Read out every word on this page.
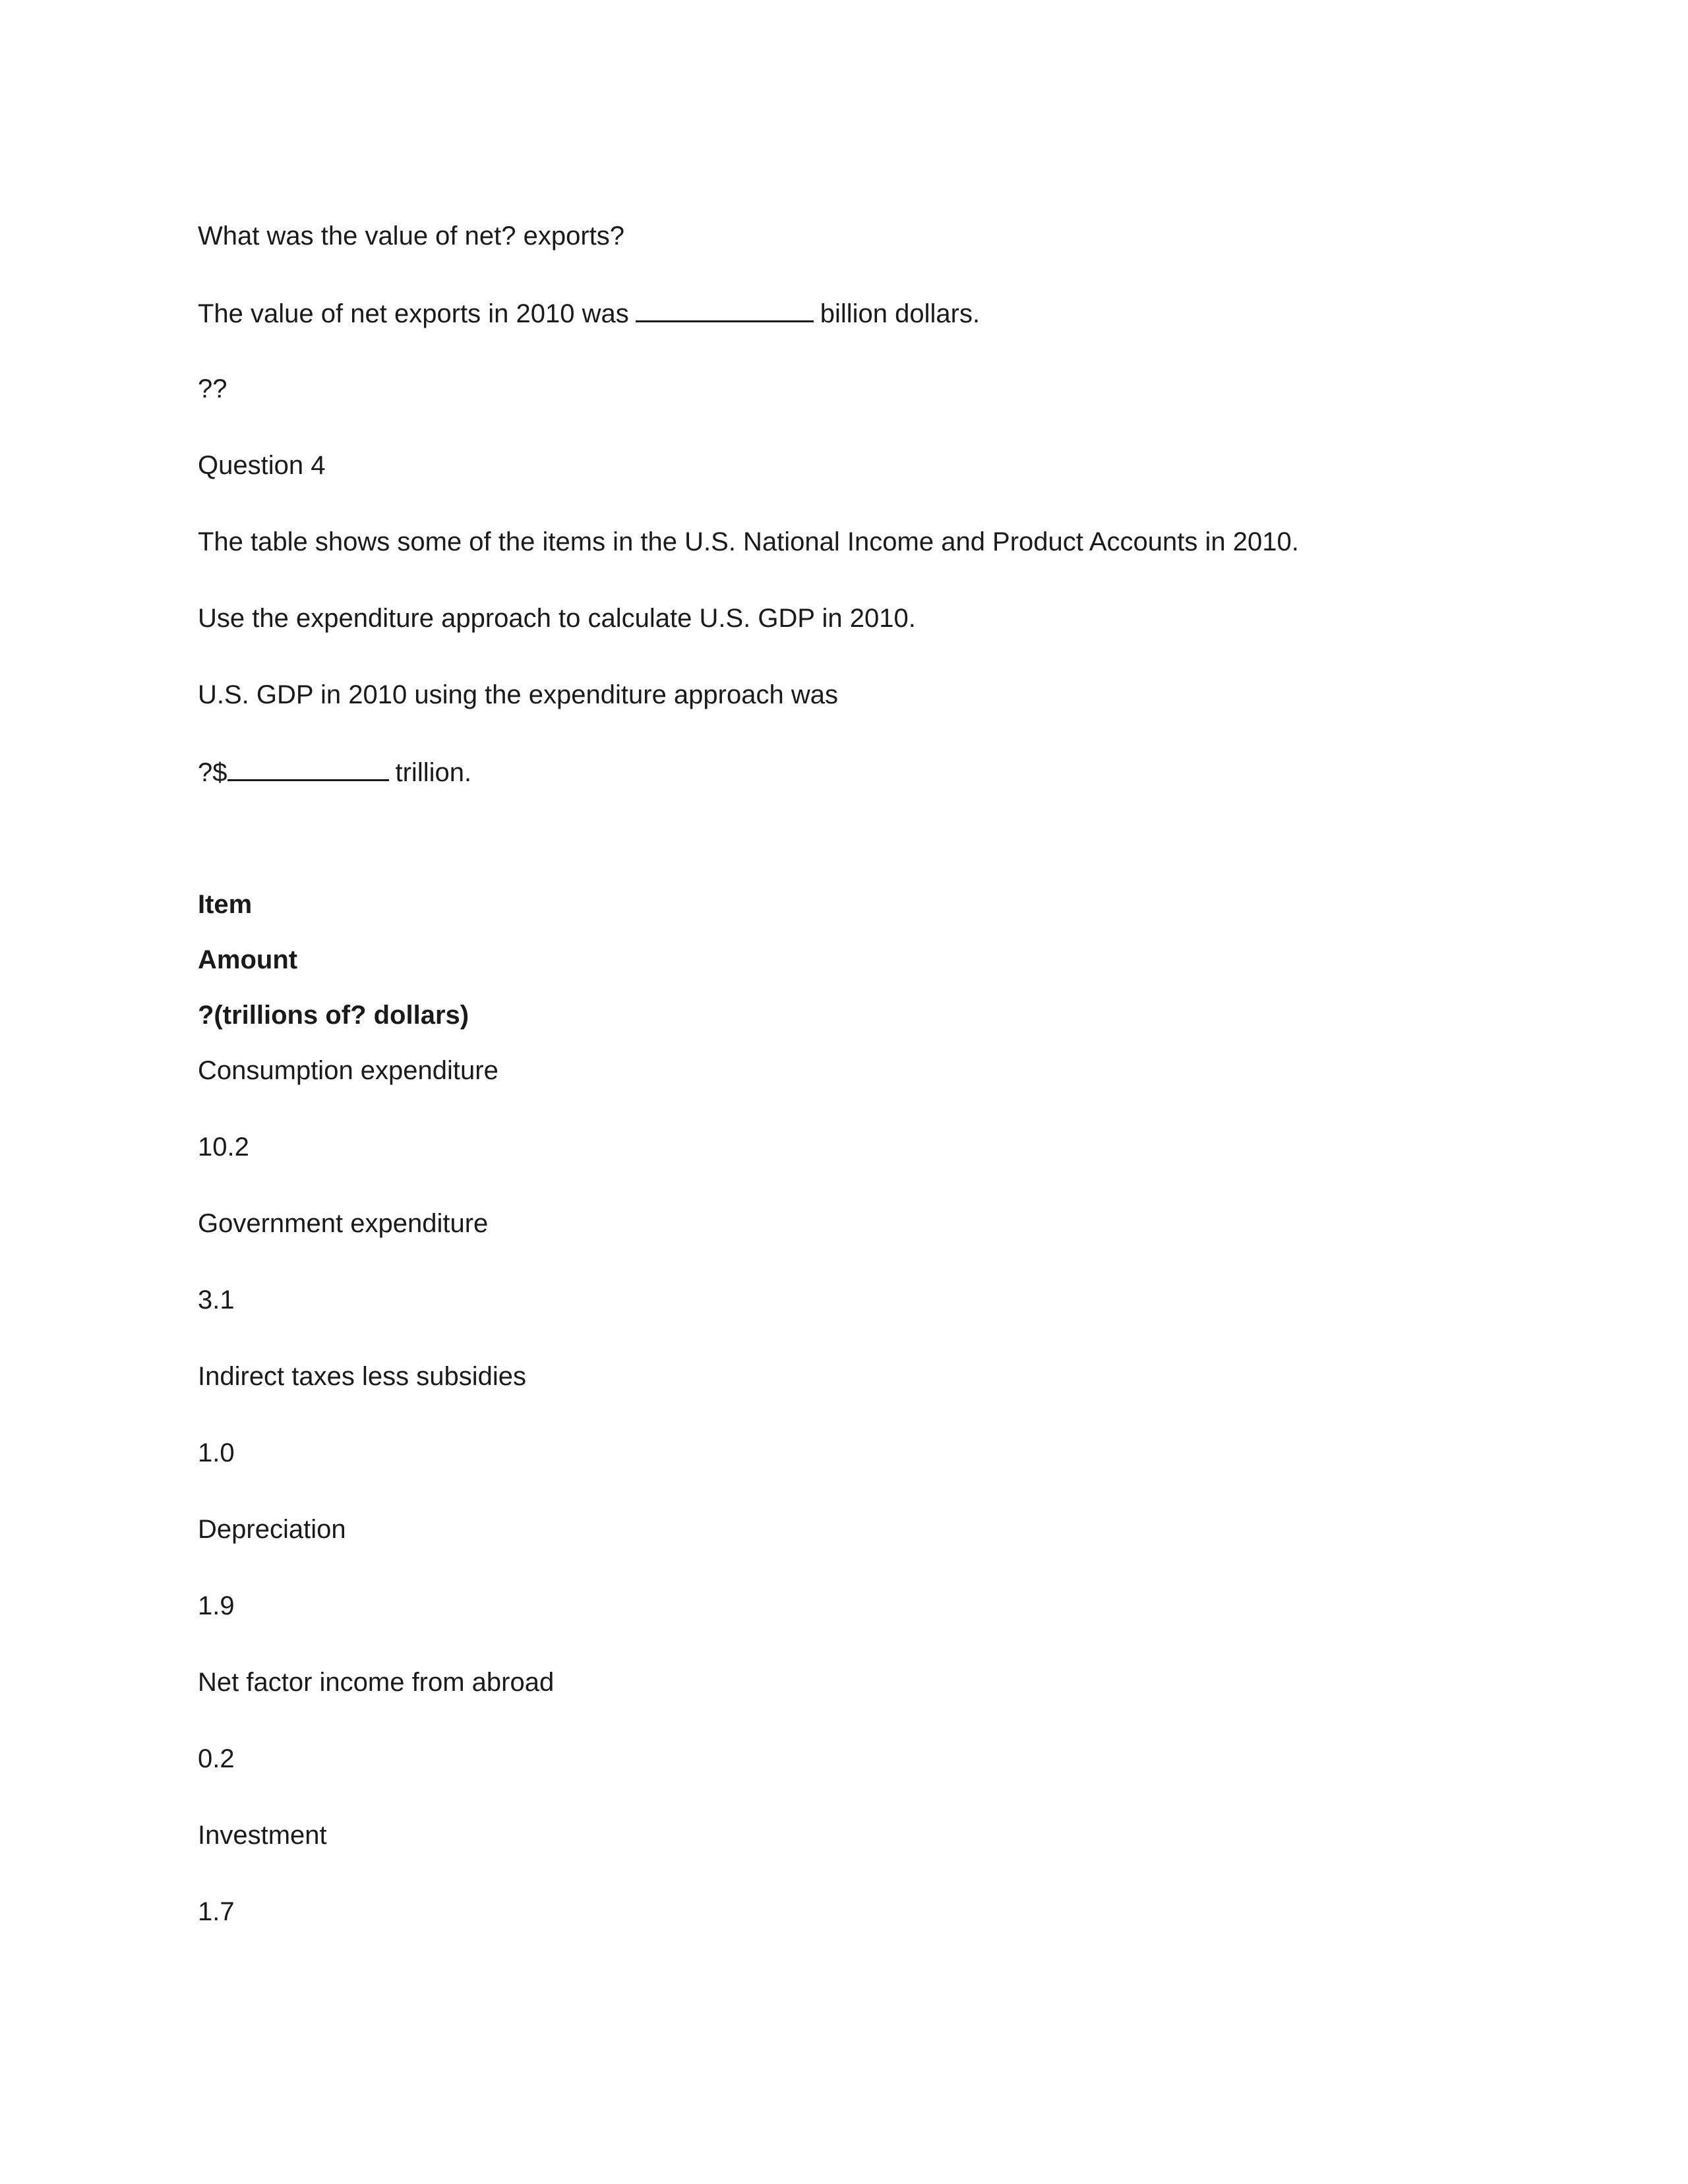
What was the value of net? exports?
The value of net exports in 2010 was	billion dollars.
??
Question 4
The table shows some of the items in the U.S. National Income and Product Accounts in 2010.
Use the expenditure approach to calculate U.S. GDP in 2010.
U.S. GDP in 2010 using the expenditure approach was
?$	trillion.
Item
Amount
?(trillions of? dollars)
Consumption expenditure
10.2
Government expenditure
3.1
Indirect taxes less subsidies
1.0
Depreciation
1.9
Net factor income from abroad
0.2
Investment
1.7
